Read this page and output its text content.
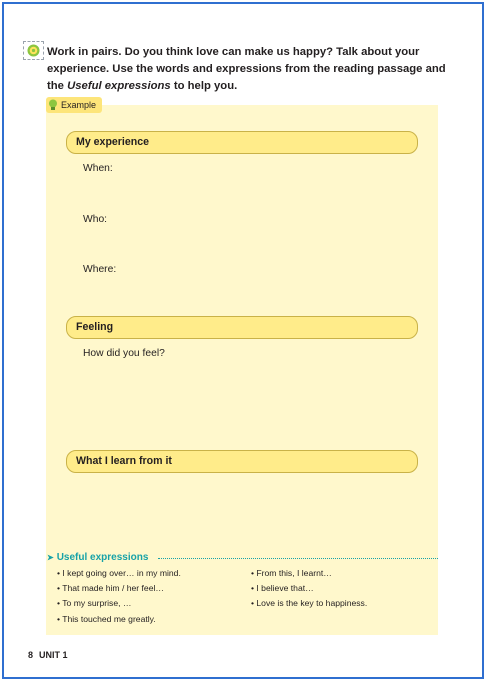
Work in pairs. Do you think love can make us happy? Talk about your
experience. Use the words and expressions from the reading passage and
the Useful expressions to help you.
Example
My experience
When:
Who:
Where:
Feeling
How did you feel?
What I learn from it
➤ Useful expressions
• I kept going over… in my mind.
• That made him / her feel…
• To my surprise, …
• This touched me greatly.
• From this, I learnt…
• I believe that…
• Love is the key to happiness.
8 UNIT 1
